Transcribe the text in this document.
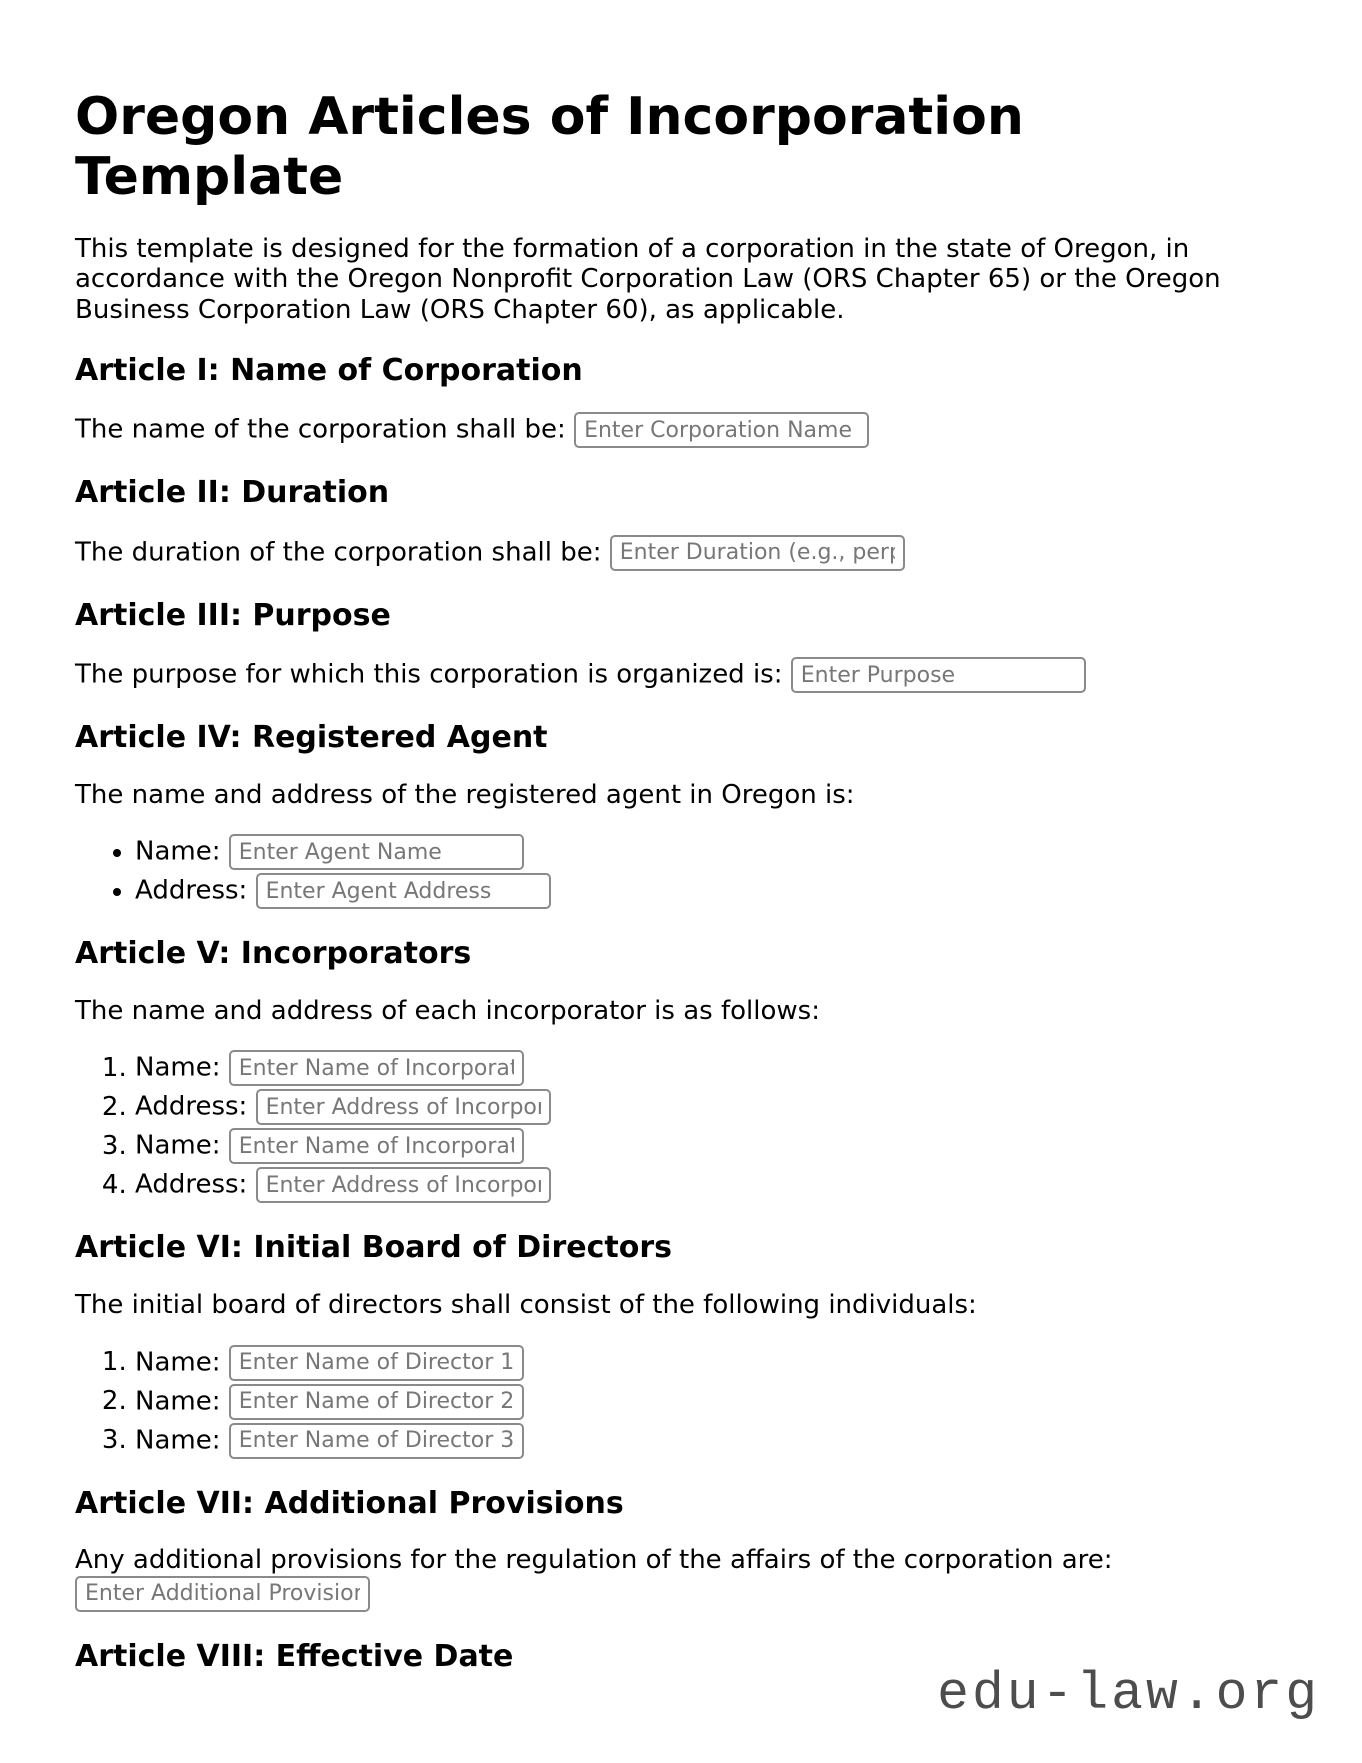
Oregon Articles of Incorporation Template

This template is designed for the formation of a corporation in the state of Oregon, in accordance with the Oregon Nonprofit Corporation Law (ORS Chapter 65) or the Oregon Business Corporation Law (ORS Chapter 60), as applicable.

Article I: Name of Corporation

The name of the corporation shall be: Enter Corporation Name

Article II: Duration

The duration of the corporation shall be: Enter Duration (e.g., perpetual)

Article III: Purpose

The purpose for which this corporation is organized is: Enter Purpose

Article IV: Registered Agent

The name and address of the registered agent in Oregon is:

• Name: Enter Agent Name
• Address: Enter Agent Address
Article V: Incorporators

The name and address of each incorporator is as follows:

1. Name: Enter Name of Incorporator
2. Address: Enter Address of Incorporator
3. Name: Enter Name of Incorporator
4. Address: Enter Address of Incorporator
Article VI: Initial Board of Directors

The initial board of directors shall consist of the following individuals:

1. Name: Enter Name of Director 1
2. Name: Enter Name of Director 2
3. Name: Enter Name of Director 3
Article VII: Additional Provisions

Any additional provisions for the regulation of the affairs of the corporation are: Enter Additional Provisions

Article VIII: Effective Date
edu-law.org
